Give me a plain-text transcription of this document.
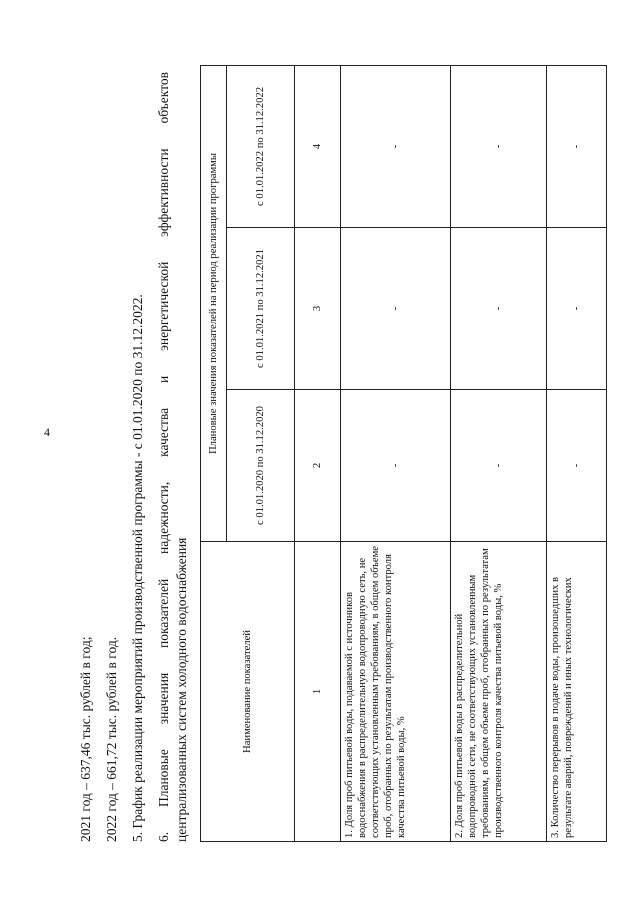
4
2021 год – 637,46 тыс. рублей в год; 2022 год – 661,72 тыс. рублей в год. 5. График реализации мероприятий производственной программы - с 01.01.2020 по 31.12.2022. 6.
Плановые
значения
показателей
надежности,
качества
и
энергетической
эффективности
объектов
централизованных систем холодного водоснабжения	Наименование показателей	Плановые значения показателей на период реализации программы		
	с 01.01.2020 по 31.12.2020	с 01.01.2021 по 31.12.2021	с 01.01.2022 по 31.12.2022
1	2	3	4
1. Доля проб питьевой воды, подаваемой с источников водоснабжения в распределительную водопроводную сеть, не соответствующих установленным требованиям, в общем объеме проб, отобранных по результатам производственного контроля качества питьевой воды, %	-	-	-
2. Доля проб питьевой воды в распределительной водопроводной сети, не соответствующих установленным требованиям, в общем объеме проб, отобранных по результатам производственного контроля качества питьевой воды, %	-	-	-
3. Количество перерывов в подаче воды, произошедших в результате аварий, повреждений и иных технологических	-	-	-
